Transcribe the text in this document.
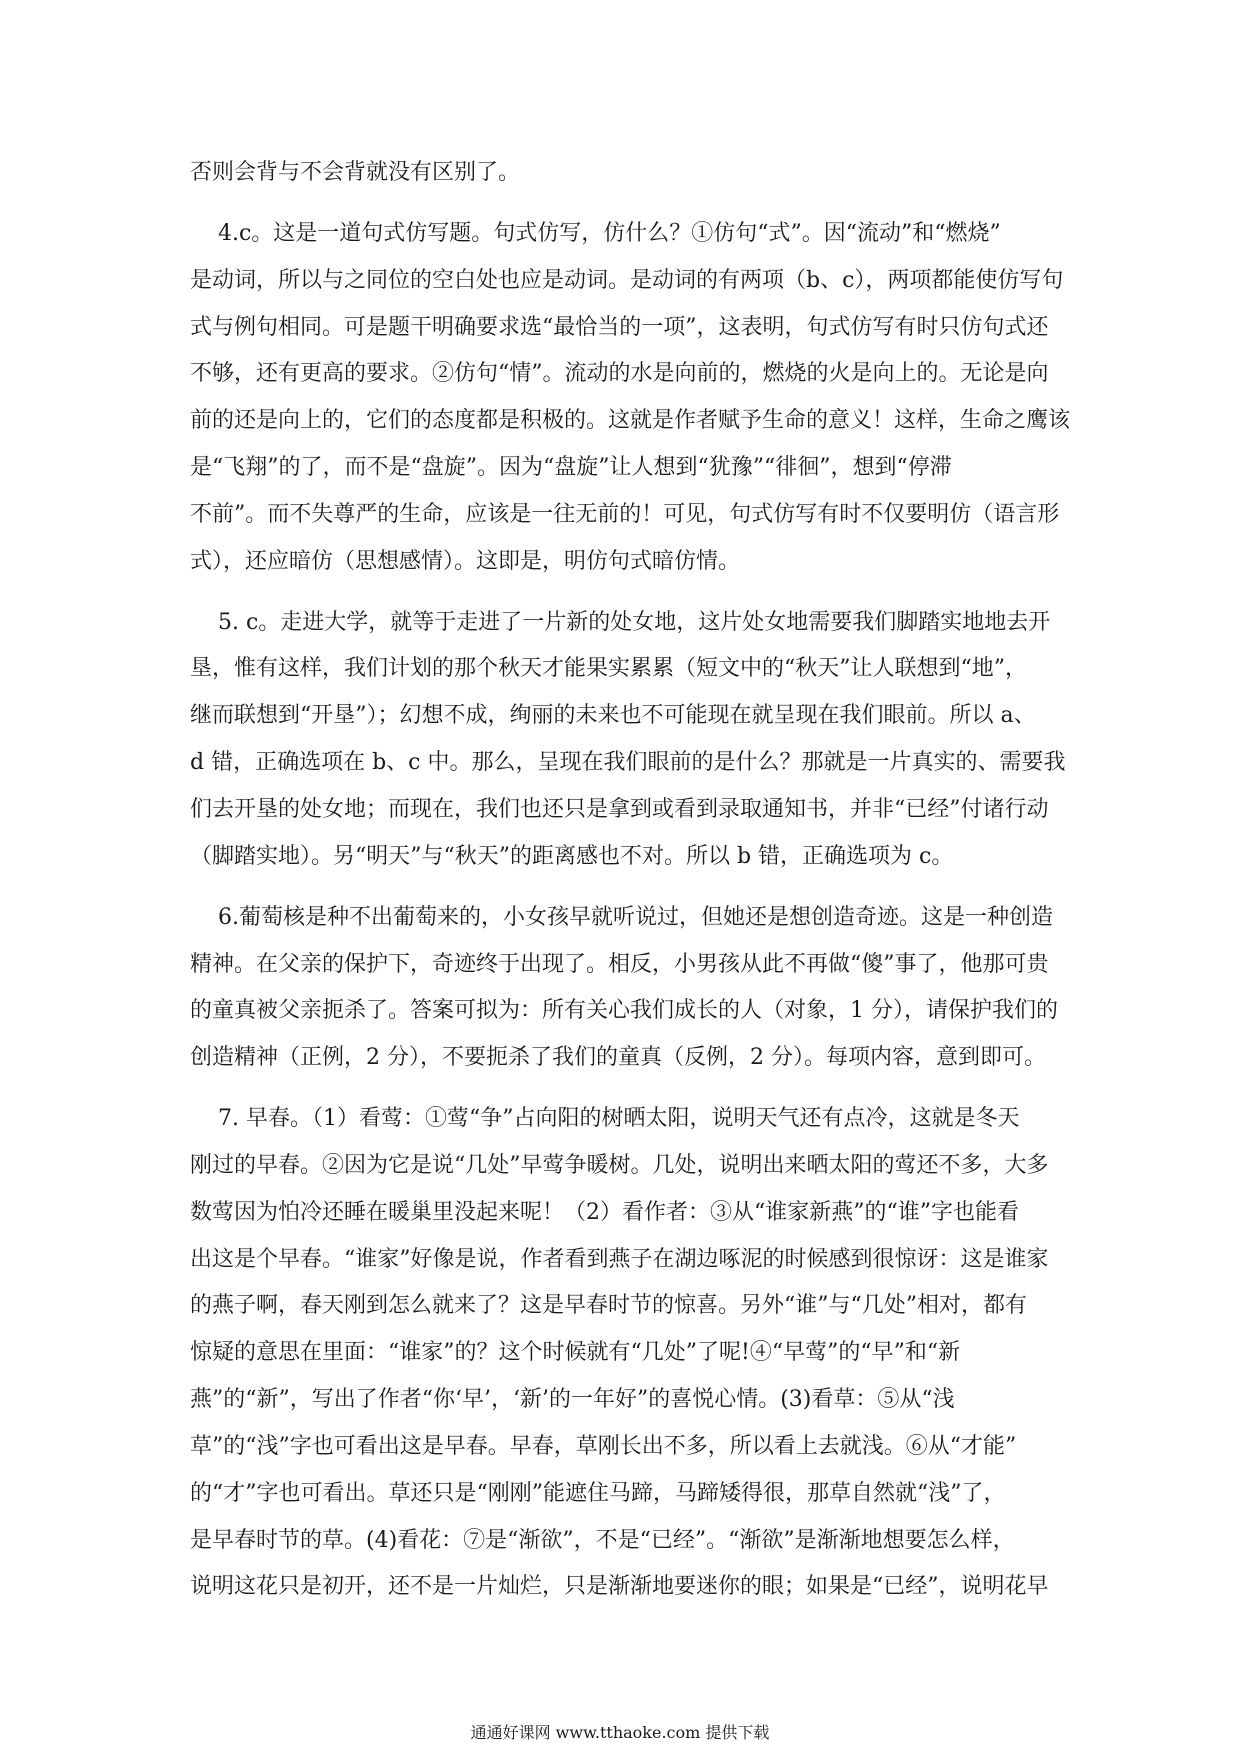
否则会背与不会背就没有区别了。
4.c。这是一道句式仿写题。句式仿写，仿什么？①仿句“式”。因“流动”和“燃烧”
是动词，所以与之同位的空白处也应是动词。是动词的有两项（b、c），两项都能使仿写句
式与例句相同。可是题干明确要求选“最恰当的一项”，这表明，句式仿写有时只仿句式还
不够，还有更高的要求。②仿句“情”。流动的水是向前的，燃烧的火是向上的。无论是向
前的还是向上的，它们的态度都是积极的。这就是作者赋予生命的意义！这样，生命之鹰该
是“飞翔”的了，而不是“盘旋”。因为“盘旋”让人想到“犹豫”“徘徊”，想到“停滞
不前”。而不失尊严的生命，应该是一往无前的！可见，句式仿写有时不仅要明仿（语言形
式），还应暗仿（思想感情）。这即是，明仿句式暗仿情。
5. c。走进大学，就等于走进了一片新的处女地，这片处女地需要我们脚踏实地地去开
垦，惟有这样，我们计划的那个秋天才能果实累累（短文中的“秋天”让人联想到“地”，
继而联想到“开垦”）；幻想不成，绚丽的未来也不可能现在就呈现在我们眼前。所以 a、
d 错，正确选项在 b、c 中。那么，呈现在我们眼前的是什么？那就是一片真实的、需要我
们去开垦的处女地；而现在，我们也还只是拿到或看到录取通知书，并非“已经”付诸行动
（脚踏实地）。另“明天”与“秋天”的距离感也不对。所以 b 错，正确选项为 c。
6.葡萄核是种不出葡萄来的，小女孩早就听说过，但她还是想创造奇迹。这是一种创造
精神。在父亲的保护下，奇迹终于出现了。相反，小男孩从此不再做“傻”事了，他那可贵
的童真被父亲扼杀了。答案可拟为：所有关心我们成长的人（对象，1 分），请保护我们的
创造精神（正例，2 分），不要扼杀了我们的童真（反例，2 分）。每项内容，意到即可。
7. 早春。（1）看莺：①莺“争”占向阳的树晒太阳，说明天气还有点冷，这就是冬天
刚过的早春。②因为它是说“几处”早莺争暖树。几处，说明出来晒太阳的莺还不多，大多
数莺因为怕冷还睡在暖巢里没起来呢！（2）看作者：③从“谁家新燕”的“谁”字也能看
出这是个早春。“谁家”好像是说，作者看到燕子在湖边啄泥的时候感到很惊讶：这是谁家
的燕子啊，春天刚到怎么就来了？这是早春时节的惊喜。另外“谁”与“几处”相对，都有
惊疑的意思在里面：“谁家”的？这个时候就有“几处”了呢!④“早莺”的“早”和“新
燕”的“新”，写出了作者“你‘早’，‘新’的一年好”的喜悦心情。(3)看草：⑤从“浅
草”的“浅”字也可看出这是早春。早春，草刚长出不多，所以看上去就浅。⑥从“才能”
的“才”字也可看出。草还只是“刚刚”能遮住马蹄，马蹄矮得很，那草自然就“浅”了，
是早春时节的草。(4)看花：⑦是“渐欲”，不是“已经”。“渐欲”是渐渐地想要怎么样，
说明这花只是初开，还不是一片灿烂，只是渐渐地要迷你的眼；如果是“已经”，说明花早
通通好课网 www.tthaoke.com 提供下载
